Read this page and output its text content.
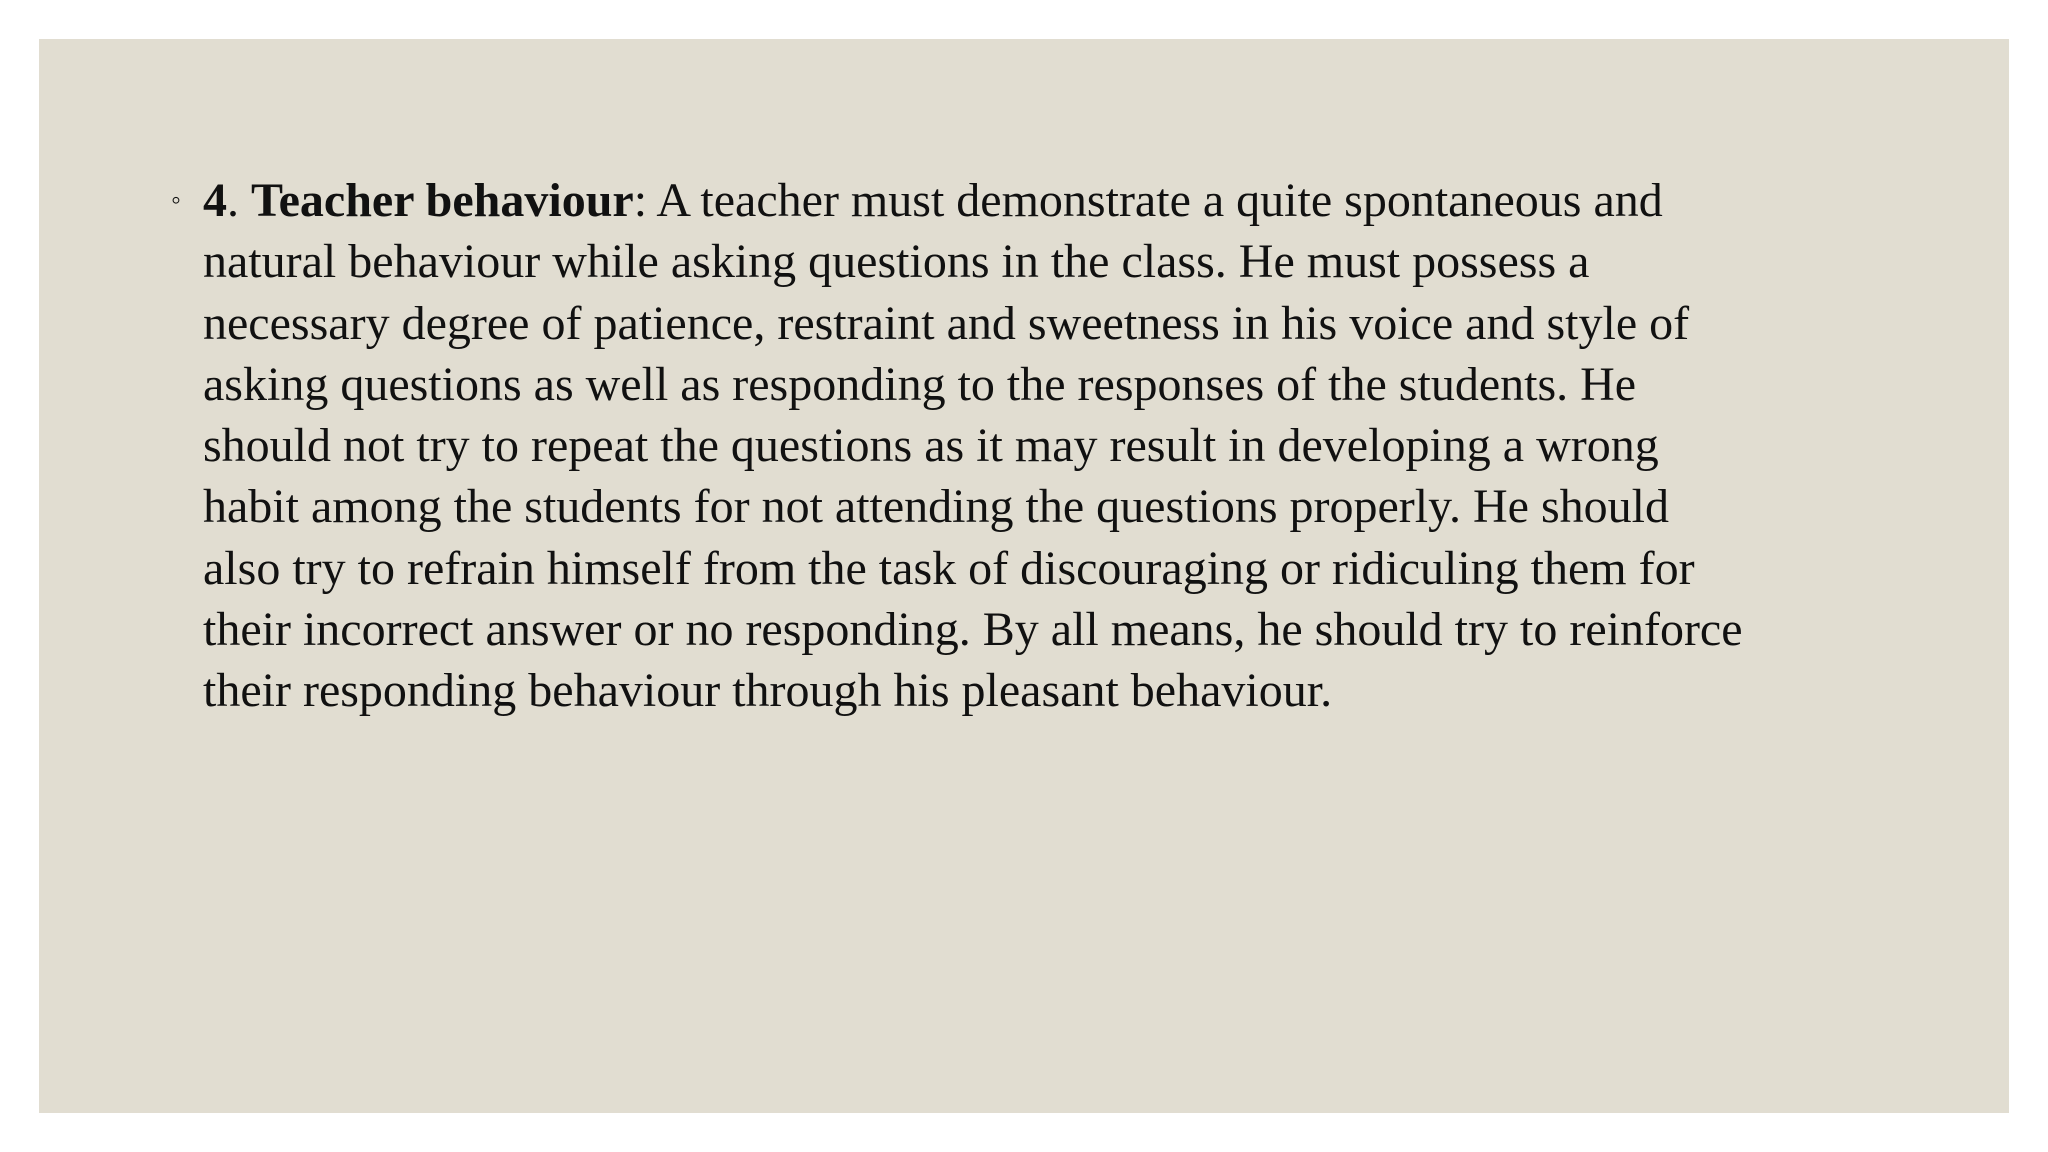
◦ 4. Teacher behaviour: A teacher must demonstrate a quite spontaneous and
natural behaviour while asking questions in the class. He must possess a
necessary degree of patience, restraint and sweetness in his voice and style of
asking questions as well as responding to the responses of the students. He
should not try to repeat the questions as it may result in developing a wrong
habit among the students for not attending the questions properly. He should
also try to refrain himself from the task of discouraging or ridiculing them for
their incorrect answer or no responding. By all means, he should try to reinforce
their responding behaviour through his pleasant behaviour.
